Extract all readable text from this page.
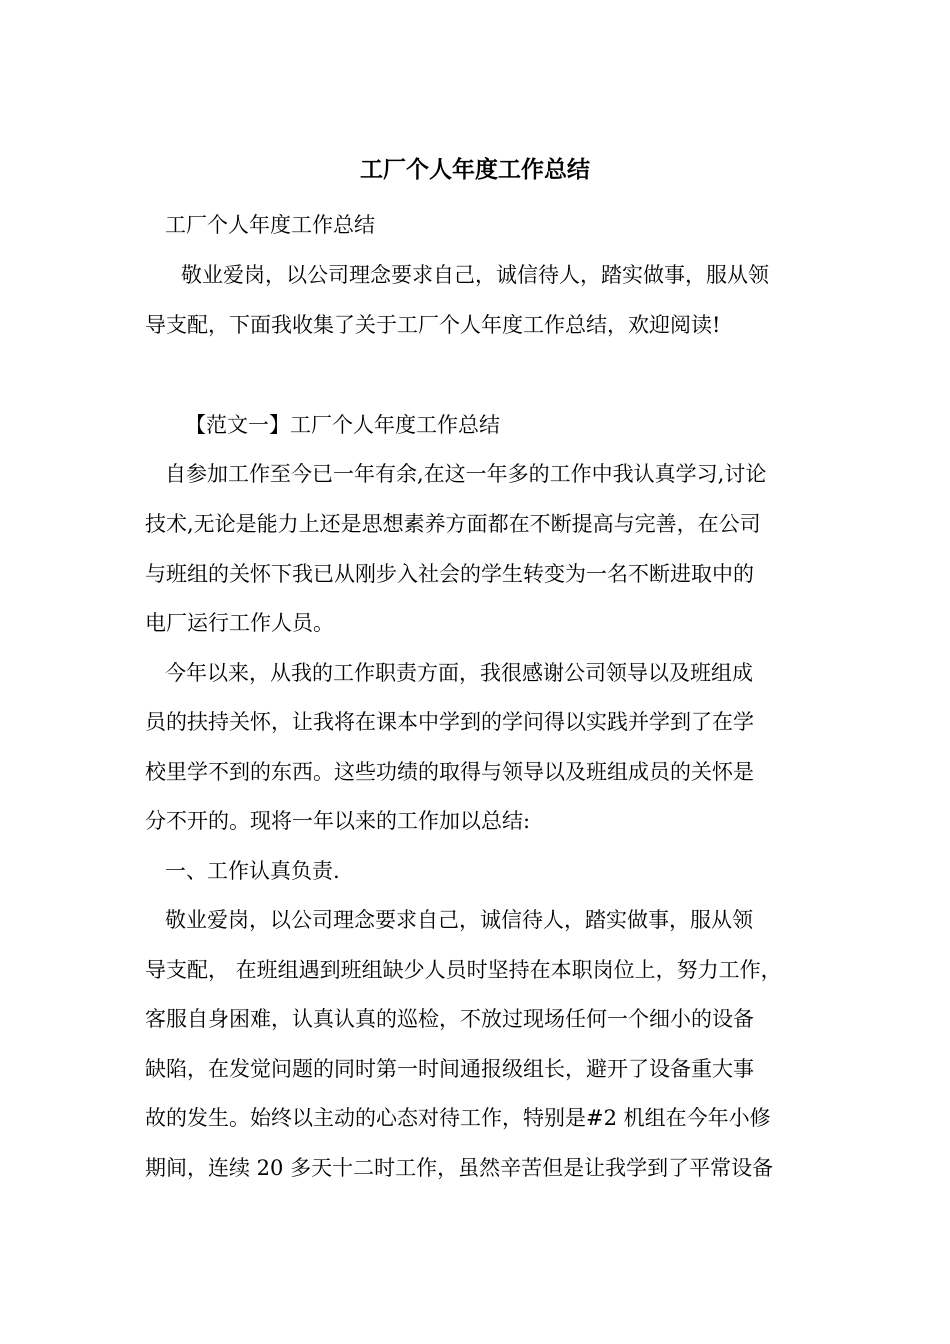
工厂个人年度工作总结
工厂个人年度工作总结
敬业爱岗，以公司理念要求自己，诚信待人，踏实做事，服从领
导支配，下面我收集了关于工厂个人年度工作总结，欢迎阅读!
【范文一】工厂个人年度工作总结
自参加工作至今已一年有余,在这一年多的工作中我认真学习,讨论
技术,无论是能力上还是思想素养方面都在不断提高与完善，在公司
与班组的关怀下我已从刚步入社会的学生转变为一名不断进取中的
电厂运行工作人员。
今年以来，从我的工作职责方面，我很感谢公司领导以及班组成
员的扶持关怀，让我将在课本中学到的学问得以实践并学到了在学
校里学不到的东西。这些功绩的取得与领导以及班组成员的关怀是
分不开的。现将一年以来的工作加以总结:
一、工作认真负责.
敬业爱岗，以公司理念要求自己，诚信待人，踏实做事，服从领
导支配， 在班组遇到班组缺少人员时坚持在本职岗位上，努力工作，
客服自身困难，认真认真的巡检，不放过现场任何一个细小的设备
缺陷，在发觉问题的同时第一时间通报级组长，避开了设备重大事
故的发生。始终以主动的心态对待工作，特别是#2 机组在今年小修
期间，连续 20 多天十二时工作，虽然辛苦但是让我学到了平常设备
